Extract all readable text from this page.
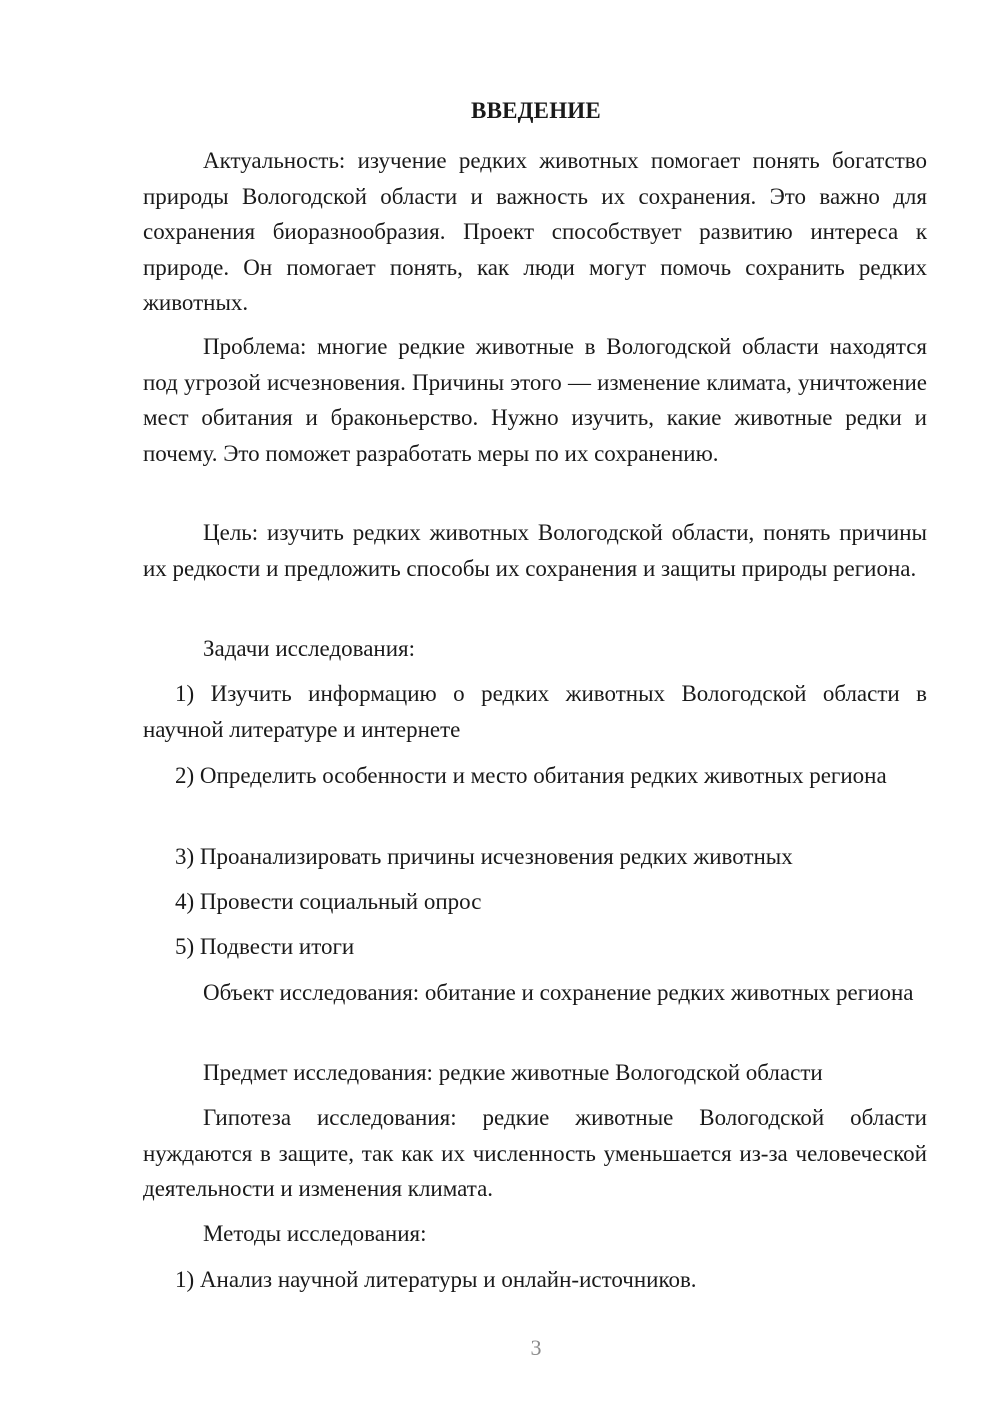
ВВЕДЕНИЕ

Актуальность: изучение редких животных помогает понять богатство природы Вологодской области и важность их сохранения. Это важно для сохранения биоразнообразия. Проект способствует развитию интереса к природе. Он помогает понять, как люди могут помочь сохранить редких животных.

Проблема: многие редкие животные в Вологодской области находятся под угрозой исчезновения. Причины этого — изменение климата, уничтожение мест обитания и браконьерство. Нужно изучить, какие животные редки и почему. Это поможет разработать меры по их сохранению.

Цель: изучить редких животных Вологодской области, понять причины их редкости и предложить способы их сохранения и защиты природы региона.

Задачи исследования:

1) Изучить информацию о редких животных Вологодской области в научной литературе и интернете

2) Определить особенности и место обитания редких животных региона

3) Проанализировать причины исчезновения редких животных

4) Провести социальный опрос

5) Подвести итоги

Объект исследования: обитание и сохранение редких животных региона

Предмет исследования: редкие животные Вологодской области

Гипотеза исследования: редкие животные Вологодской области нуждаются в защите, так как их численность уменьшается из-за человеческой деятельности и изменения климата.

Методы исследования:

1) Анализ научной литературы и онлайн-источников.

3
